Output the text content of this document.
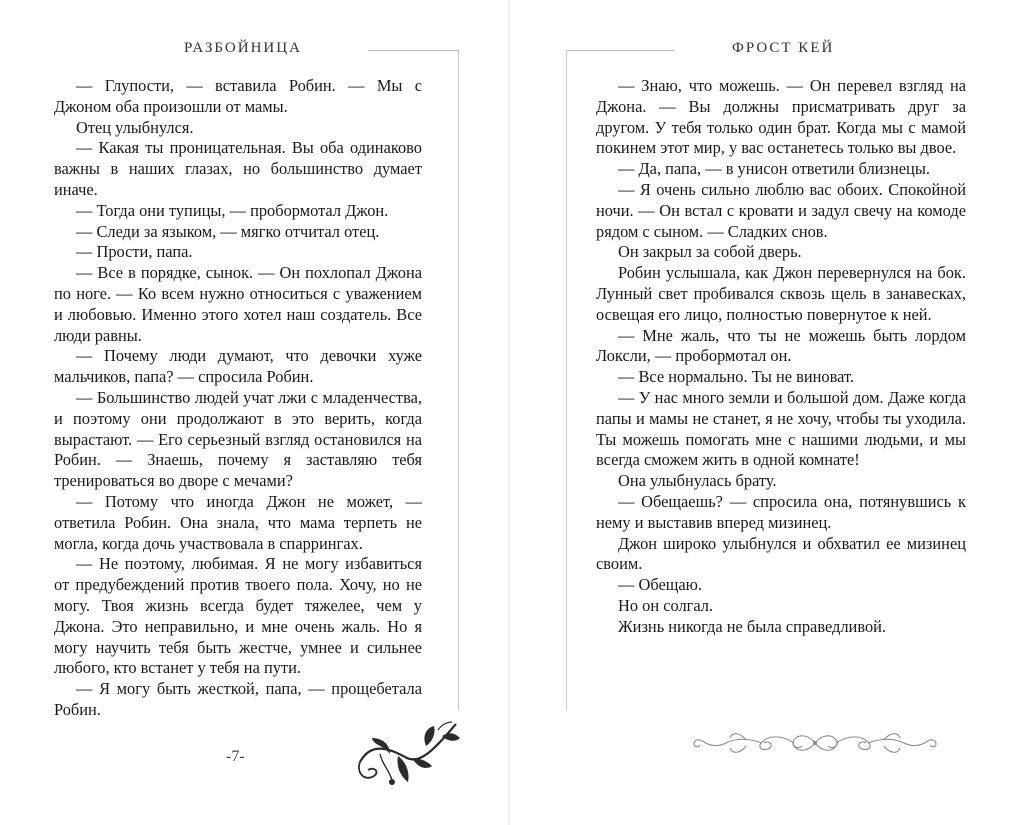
РАЗБОЙНИЦА

— Глупости, — вставила Робин. — Мы с Джоном оба произошли от мамы.

Отец улыбнулся.

— Какая ты проницательная. Вы оба одинаково важны в наших глазах, но большинство думает иначе.

— Тогда они тупицы, — пробормотал Джон.

— Следи за языком, — мягко отчитал отец.

— Прости, папа.

— Все в порядке, сынок. — Он похлопал Джона по ноге. — Ко всем нужно относиться с уважением и любовью. Именно этого хотел наш создатель. Все люди равны.

— Почему люди думают, что девочки хуже мальчиков, папа? — спросила Робин.

— Большинство людей учат лжи с младенчества, и поэтому они продолжают в это верить, когда вырастают. — Его серьезный взгляд остановился на Робин. — Знаешь, почему я заставляю тебя тренироваться во дворе с мечами?

— Потому что иногда Джон не может, — ответила Робин. Она знала, что мама терпеть не могла, когда дочь участвовала в спаррингах.

— Не поэтому, любимая. Я не могу избавиться от предубеждений против твоего пола. Хочу, но не могу. Твоя жизнь всегда будет тяжелее, чем у Джона. Это неправильно, и мне очень жаль. Но я могу научить тебя быть жестче, умнее и сильнее любого, кто встанет у тебя на пути.

— Я могу быть жесткой, папа, — прощебетала Робин.

-7-
ФРОСТ КЕЙ

— Знаю, что можешь. — Он перевел взгляд на Джона. — Вы должны присматривать друг за другом. У тебя только один брат. Когда мы с мамой покинем этот мир, у вас останетесь только вы двое.

— Да, папа, — в унисон ответили близнецы.

— Я очень сильно люблю вас обоих. Спокойной ночи. — Он встал с кровати и задул свечу на комоде рядом с сыном. — Сладких снов.

Он закрыл за собой дверь.

Робин услышала, как Джон перевернулся на бок. Лунный свет пробивался сквозь щель в занавесках, освещая его лицо, полностью повернутое к ней.

— Мне жаль, что ты не можешь быть лордом Локсли, — пробормотал он.

— Все нормально. Ты не виноват.

— У нас много земли и большой дом. Даже когда папы и мамы не станет, я не хочу, чтобы ты уходила. Ты можешь помогать мне с нашими людьми, и мы всегда сможем жить в одной комнате!

Она улыбнулась брату.

— Обещаешь? — спросила она, потянувшись к нему и выставив вперед мизинец.

Джон широко улыбнулся и обхватил ее мизинец своим.

— Обещаю.

Но он солгал.

Жизнь никогда не была справедливой.
